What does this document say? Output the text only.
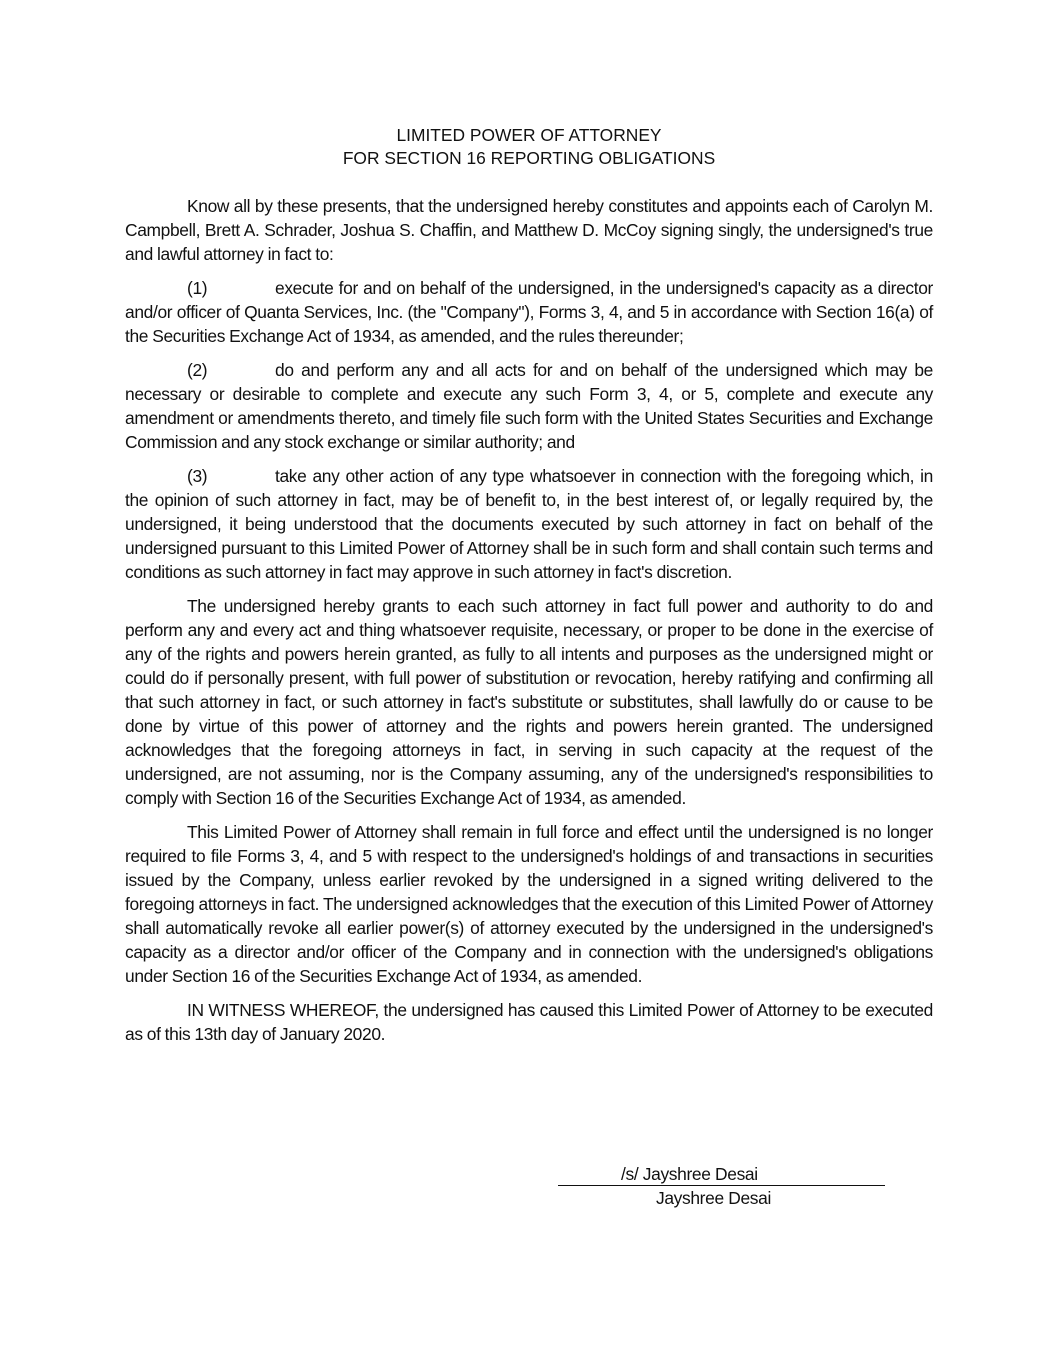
LIMITED POWER OF ATTORNEY
FOR SECTION 16 REPORTING OBLIGATIONS

Know all by these presents, that the undersigned hereby constitutes and appoints each of Carolyn M. Campbell, Brett A. Schrader, Joshua S. Chaffin, and Matthew D. McCoy signing singly, the undersigned's true and lawful attorney in fact to:

(1)	execute for and on behalf of the undersigned, in the undersigned's capacity as a director and/or officer of Quanta Services, Inc. (the "Company"), Forms 3, 4, and 5 in accordance with Section 16(a) of the Securities Exchange Act of 1934, as amended, and the rules thereunder;

(2)	do and perform any and all acts for and on behalf of the undersigned which may be necessary or desirable to complete and execute any such Form 3, 4, or 5, complete and execute any amendment or amendments thereto, and timely file such form with the United States Securities and Exchange Commission and any stock exchange or similar authority; and

(3)	take any other action of any type whatsoever in connection with the foregoing which, in the opinion of such attorney in fact, may be of benefit to, in the best interest of, or legally required by, the undersigned, it being understood that the documents executed by such attorney in fact on behalf of the undersigned pursuant to this Limited Power of Attorney shall be in such form and shall contain such terms and conditions as such attorney in fact may approve in such attorney in fact's discretion.

The undersigned hereby grants to each such attorney in fact full power and authority to do and perform any and every act and thing whatsoever requisite, necessary, or proper to be done in the exercise of any of the rights and powers herein granted, as fully to all intents and purposes as the undersigned might or could do if personally present, with full power of substitution or revocation, hereby ratifying and confirming all that such attorney in fact, or such attorney in fact's substitute or substitutes, shall lawfully do or cause to be done by virtue of this power of attorney and the rights and powers herein granted. The undersigned acknowledges that the foregoing attorneys in fact, in serving in such capacity at the request of the undersigned, are not assuming, nor is the Company assuming, any of the undersigned's responsibilities to comply with Section 16 of the Securities Exchange Act of 1934, as amended.

This Limited Power of Attorney shall remain in full force and effect until the undersigned is no longer required to file Forms 3, 4, and 5 with respect to the undersigned's holdings of and transactions in securities issued by the Company, unless earlier revoked by the undersigned in a signed writing delivered to the foregoing attorneys in fact. The undersigned acknowledges that the execution of this Limited Power of Attorney shall automatically revoke all earlier power(s) of attorney executed by the undersigned in the undersigned's capacity as a director and/or officer of the Company and in connection with the undersigned's obligations under Section 16 of the Securities Exchange Act of 1934, as amended.

IN WITNESS WHEREOF, the undersigned has caused this Limited Power of Attorney to be executed as of this 13th day of January 2020.

/s/ Jayshree Desai
Jayshree Desai
